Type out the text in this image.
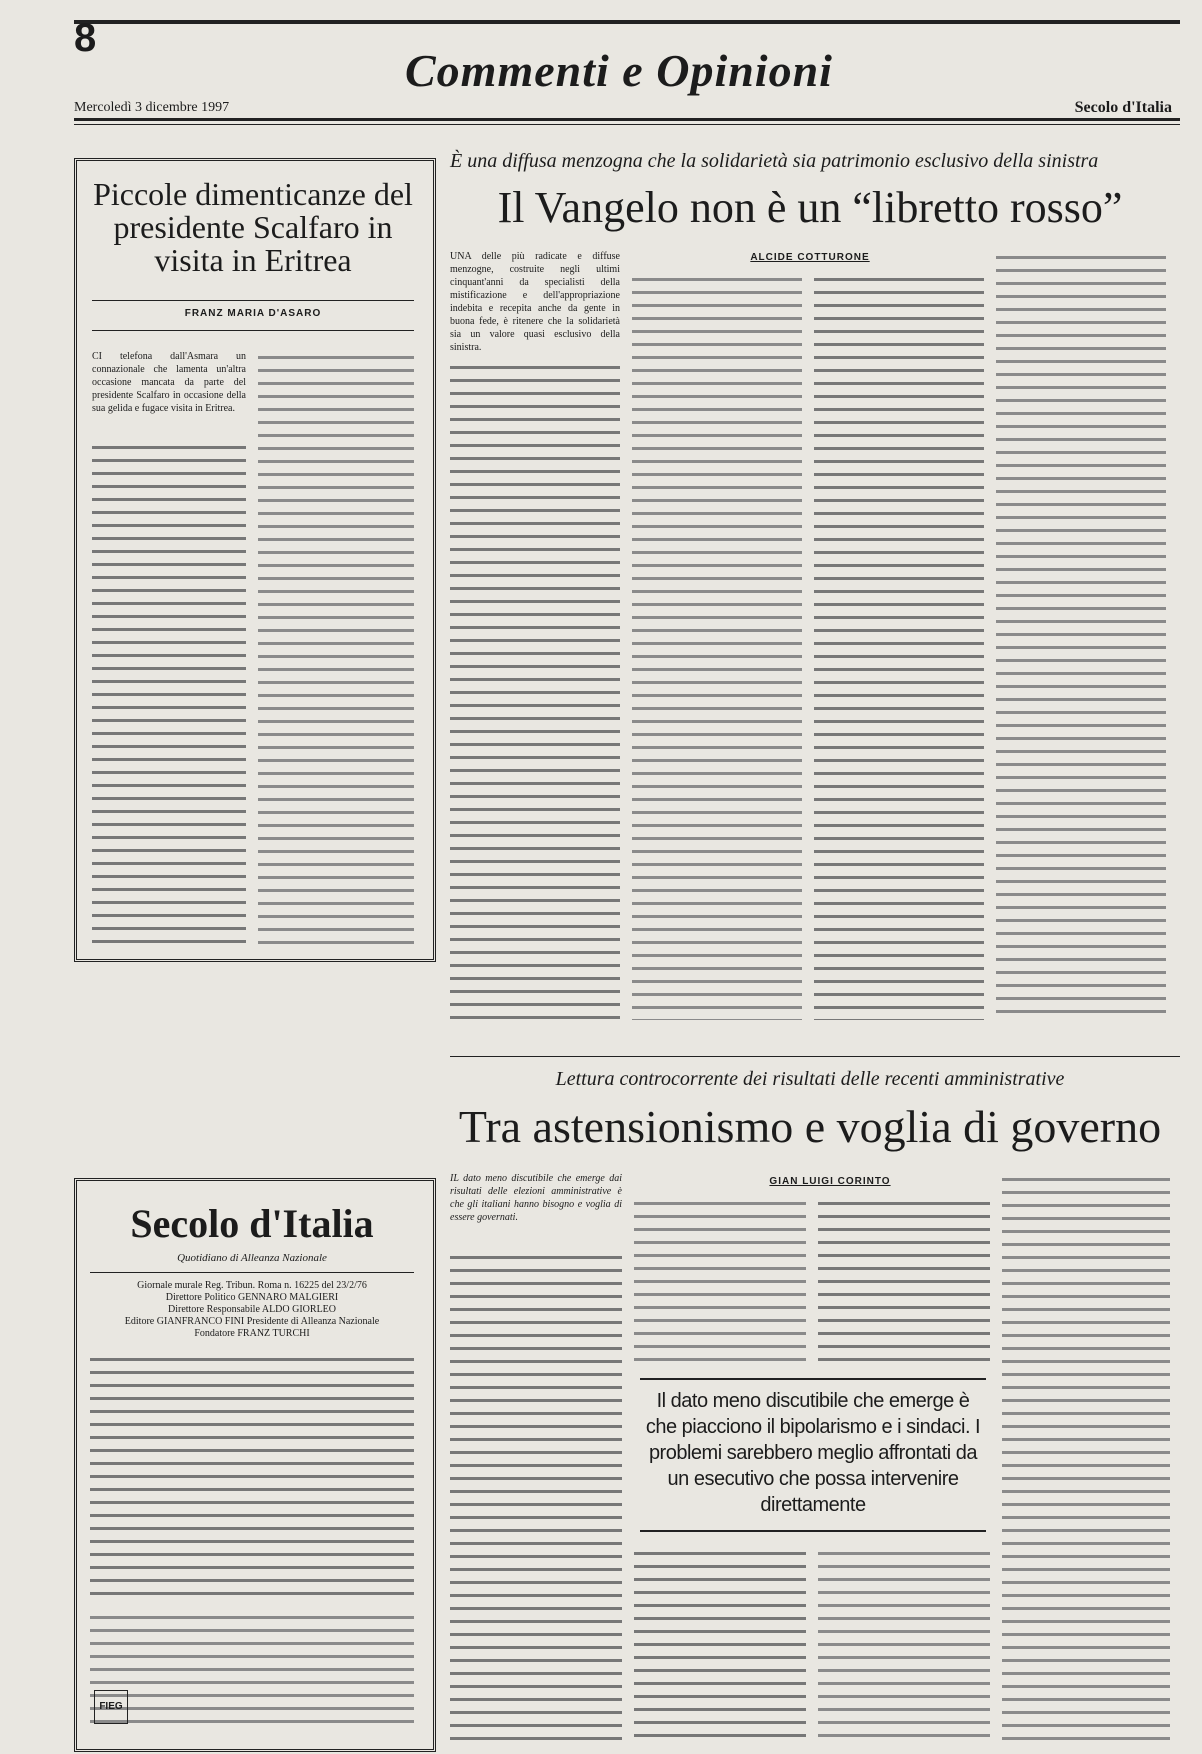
8
Commenti e Opinioni
Mercoledì 3 dicembre 1997	Secolo d'Italia
Piccole dimenticanze del presidente Scalfaro in visita in Eritrea
FRANZ MARIA D'ASARO
CI telefona dall'Asmara un connazionale che lamenta un'altra occasione mancata da parte del presidente Scalfaro in occasione della sua gelida e fugace visita in Eritrea.
Secolo d'Italia
Quotidiano di Alleanza Nazionale
Giornale murale Reg. Tribun. Roma n. 16225 del 23/2/76
Direttore Politico GENNARO MALGIERI
Direttore Responsabile ALDO GIORLEO
Editore GIANFRANCO FINI Presidente di Alleanza Nazionale
Fondatore FRANZ TURCHI
FIEG
È una diffusa menzogna che la solidarietà sia patrimonio esclusivo della sinistra
Il Vangelo non è un “libretto rosso”
ALCIDE COTTURONE
UNA delle più radicate e diffuse menzogne, costruite negli ultimi cinquant'anni da specialisti della mistificazione e dell'appropriazione indebita e recepita anche da gente in buona fede, è ritenere che la solidarietà sia un valore quasi esclusivo della sinistra.
Lettura controcorrente dei risultati delle recenti amministrative
Tra astensionismo e voglia di governo
GIAN LUIGI CORINTO
IL dato meno discutibile che emerge dai risultati delle elezioni amministrative è che gli italiani hanno bisogno e voglia di essere governati.
Il dato meno discutibile che emerge è che piacciono il bipolarismo e i sindaci. I problemi sarebbero meglio affrontati da un esecutivo che possa intervenire direttamente
